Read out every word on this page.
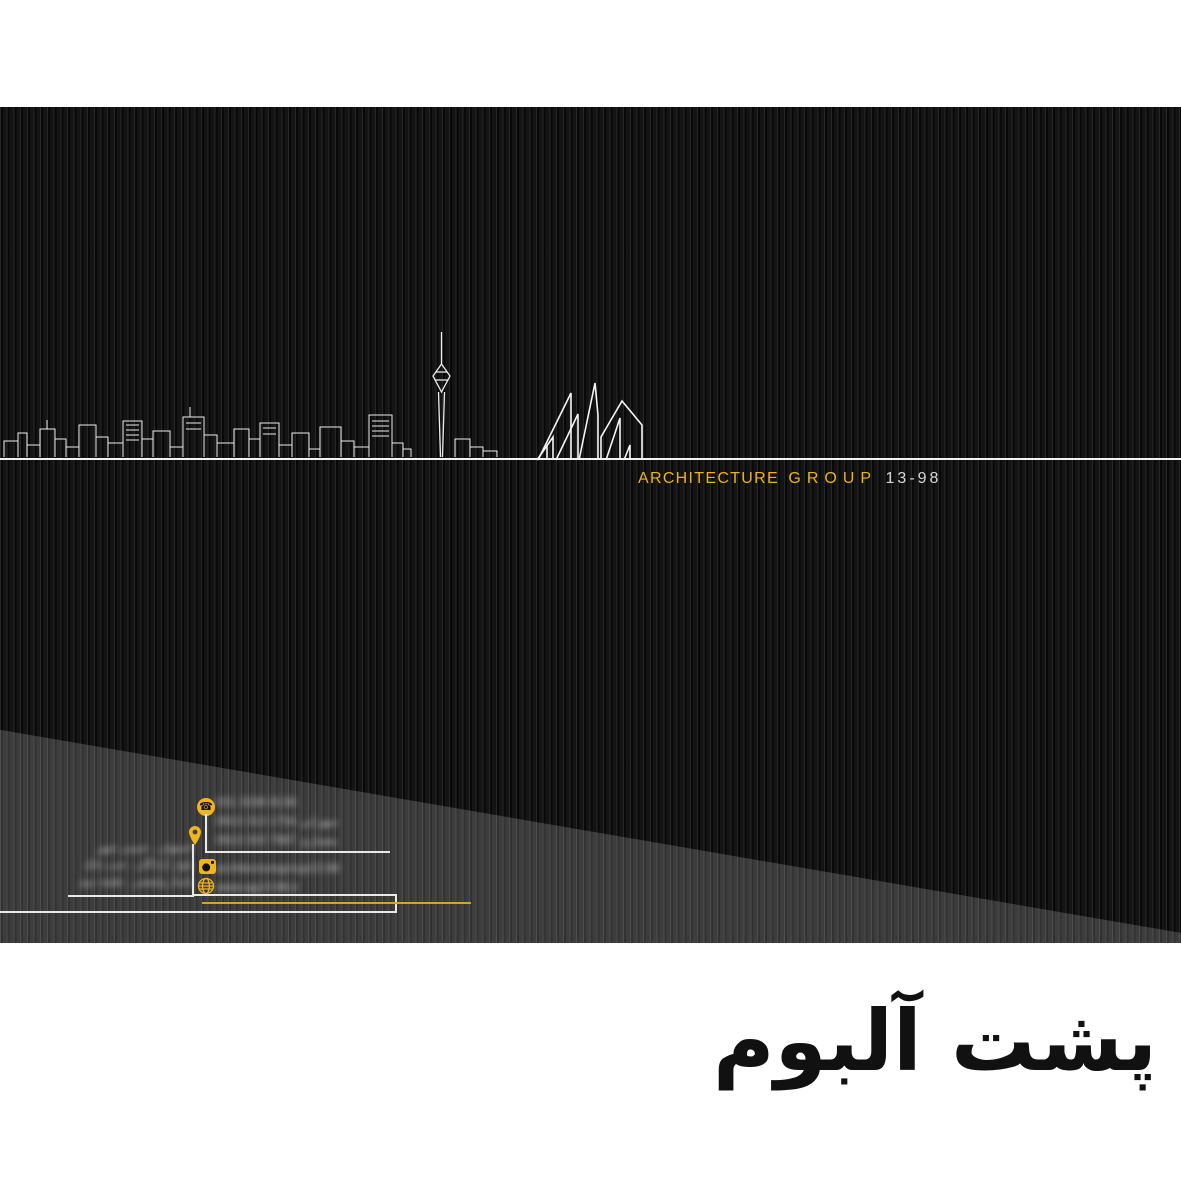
ARCHITECTURE GROUP 13-98
☎ 031 3336 9138
0913 313 1754 سهرابی
0913 333 7987 معماری
اصفهان ، خمینی شهر
بلوار آزادگان ، جنب بانک
پاساژ ولیعصر ، طبقه دوم
architecturegroup13.98
www.ag13-98.ir
پشت آلبوم
